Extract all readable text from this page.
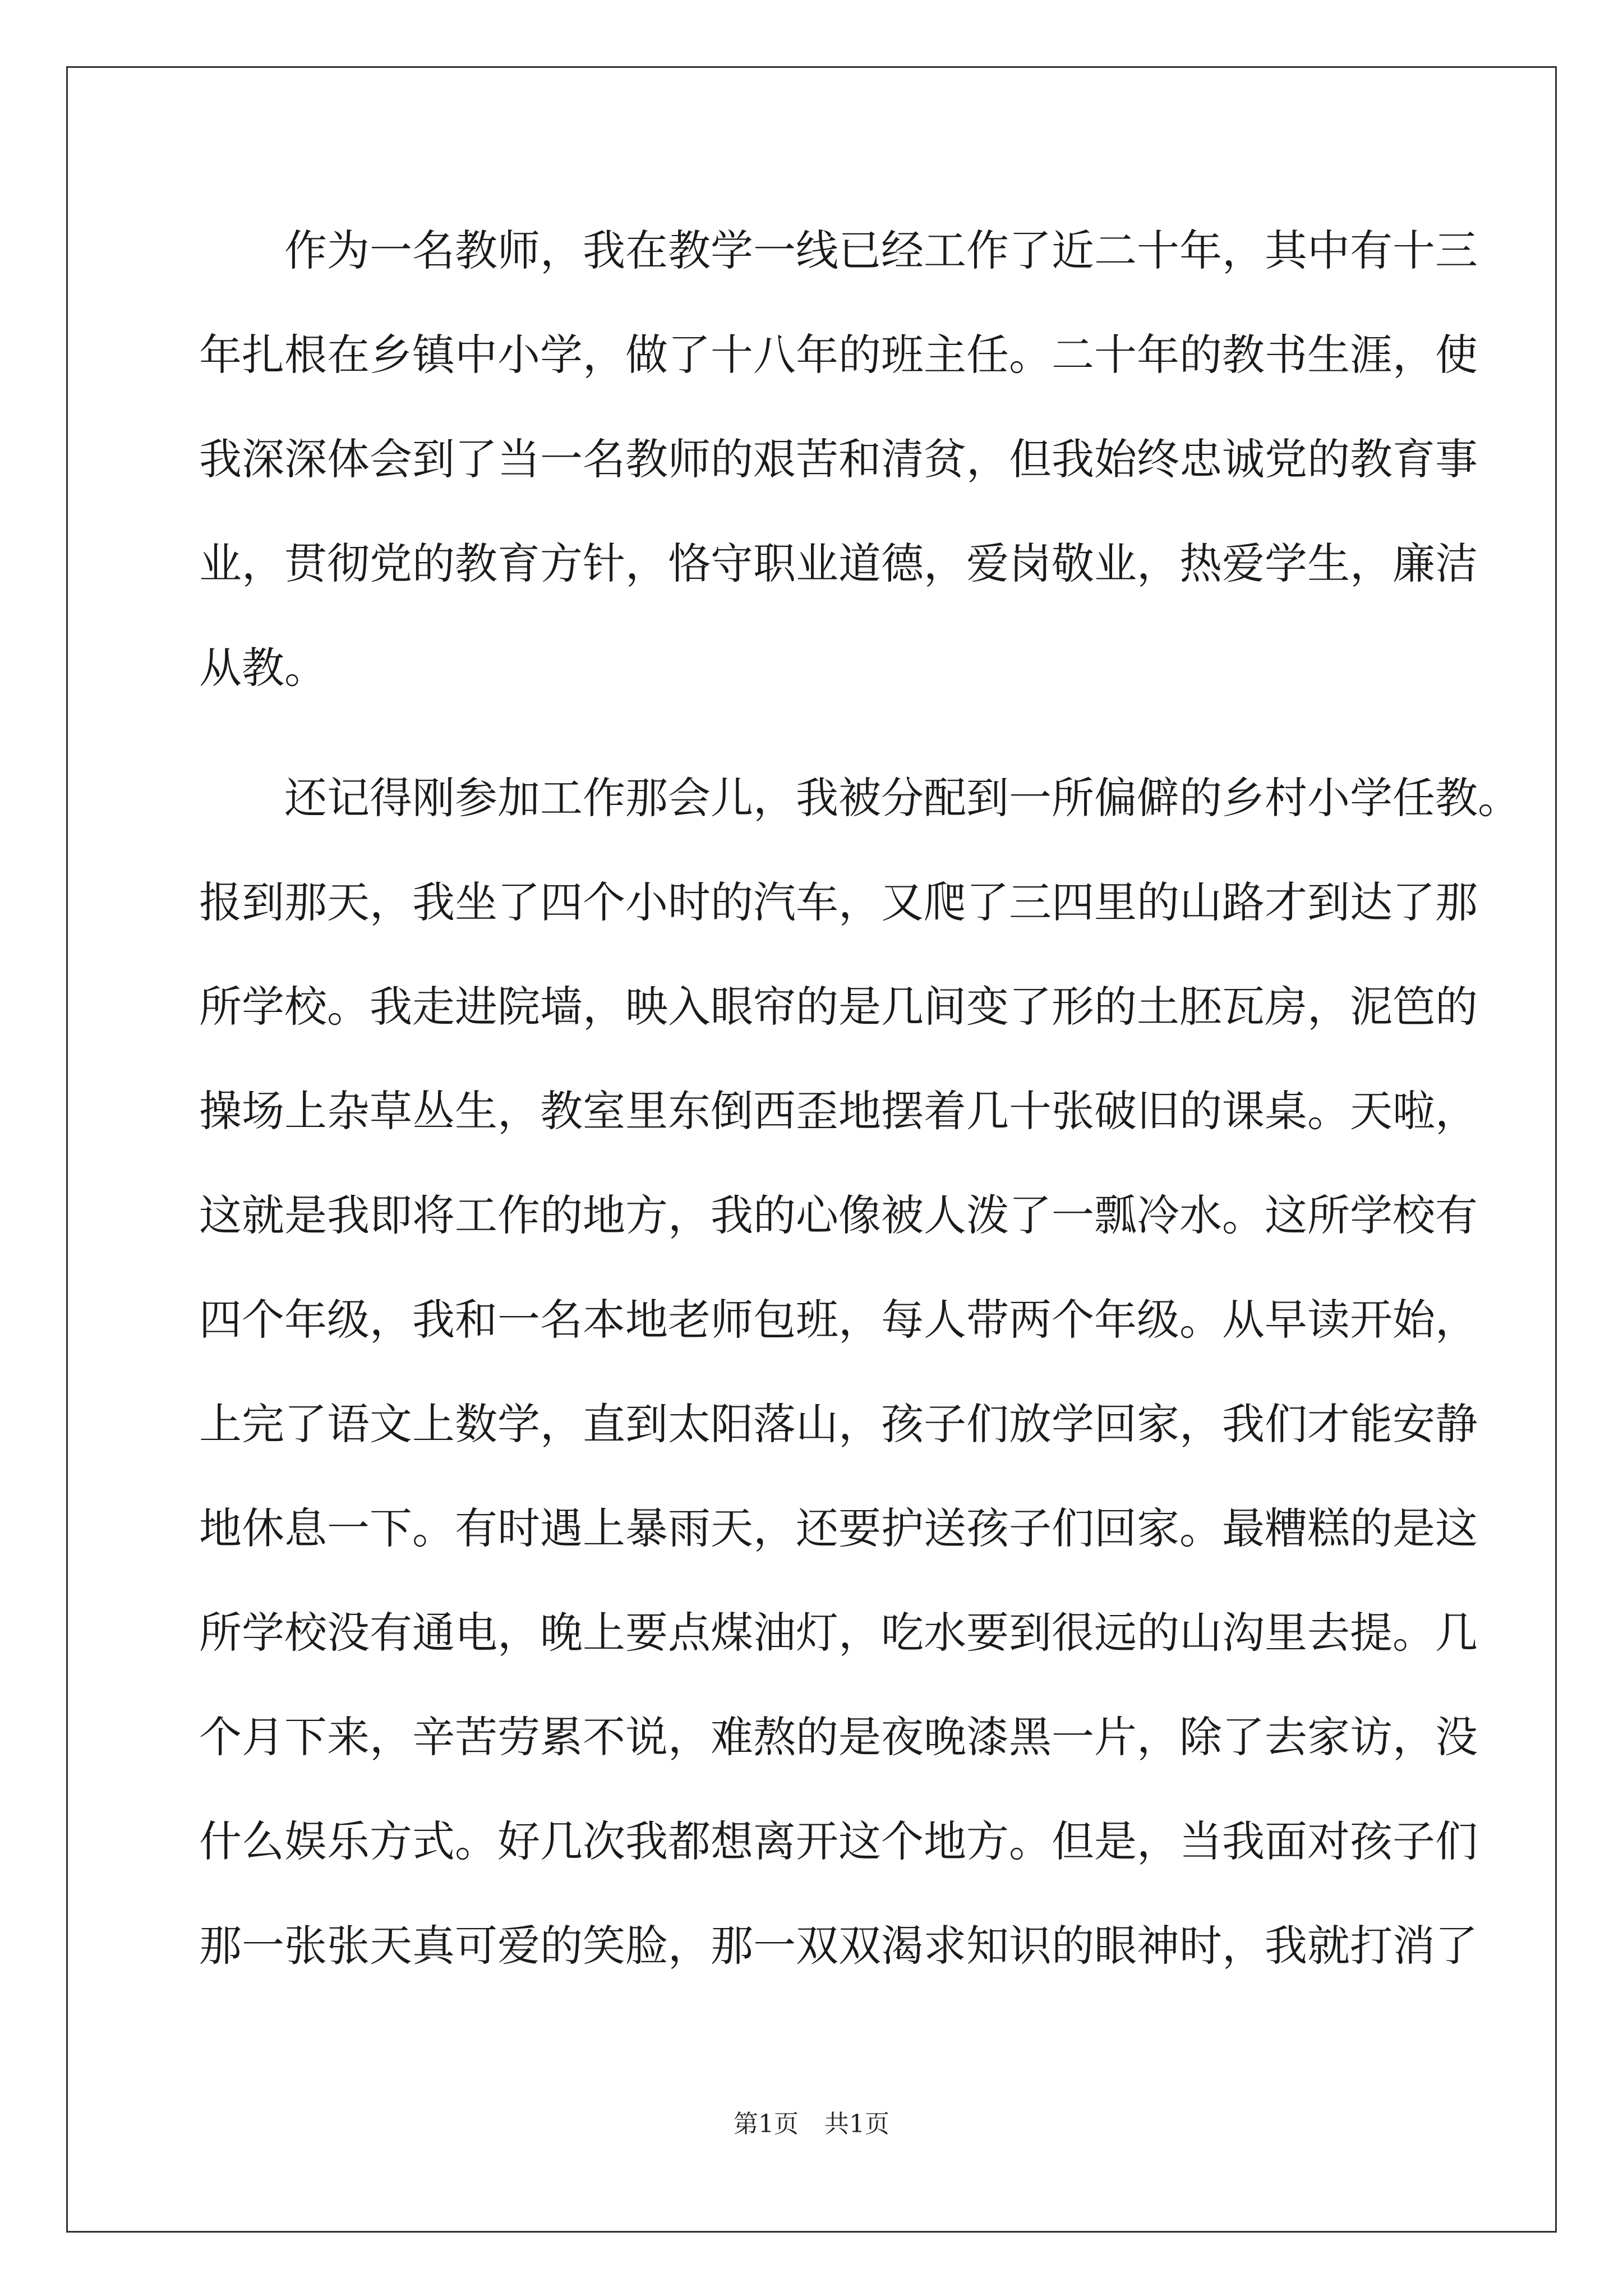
　　作为一名教师，我在教学一线已经工作了近二十年，其中有十三
年扎根在乡镇中小学，做了十八年的班主任。二十年的教书生涯，使
我深深体会到了当一名教师的艰苦和清贫，但我始终忠诚党的教育事
业，贯彻党的教育方针，恪守职业道德，爱岗敬业，热爱学生，廉洁
从教。
　　还记得刚参加工作那会儿，我被分配到一所偏僻的乡村小学任教。
报到那天，我坐了四个小时的汽车，又爬了三四里的山路才到达了那
所学校。我走进院墙，映入眼帘的是几间变了形的土胚瓦房，泥笆的
操场上杂草丛生，教室里东倒西歪地摆着几十张破旧的课桌。天啦，
这就是我即将工作的地方，我的心像被人泼了一瓢冷水。这所学校有
四个年级，我和一名本地老师包班，每人带两个年级。从早读开始，
上完了语文上数学，直到太阳落山，孩子们放学回家，我们才能安静
地休息一下。有时遇上暴雨天，还要护送孩子们回家。最糟糕的是这
所学校没有通电，晚上要点煤油灯，吃水要到很远的山沟里去提。几
个月下来，辛苦劳累不说，难熬的是夜晚漆黑一片，除了去家访，没
什么娱乐方式。好几次我都想离开这个地方。但是，当我面对孩子们
那一张张天真可爱的笑脸，那一双双渴求知识的眼神时，我就打消了
第1页 共1页
